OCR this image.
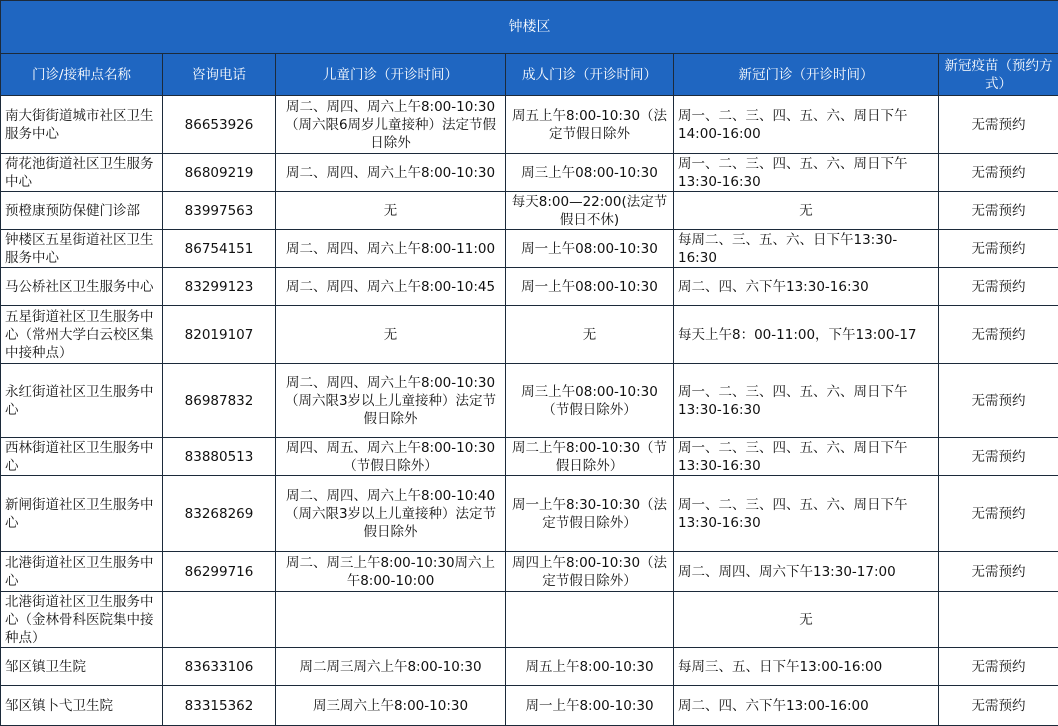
钟楼区					
门诊/接种点名称	咨询电话	儿童门诊（开诊时间）	成人门诊（开诊时间）	新冠门诊（开诊时间）	新冠疫苗（预约方式）
南大街街道城市社区卫生服务中心	86653926	周二、周四、周六上午8:00-10:30（周六限6周岁儿童接种）法定节假日除外	周五上午8:00-10:30（法定节假日除外	周一、二、三、四、五、六、周日下午14:00-16:00	无需预约
荷花池街道社区卫生服务中心	86809219	周二、周四、周六上午8:00-10:30	周三上午08:00-10:30	周一、二、三、四、五、六、周日下午13:30-16:30	无需预约
预橙康预防保健门诊部	83997563	无	每天8:00—22:00(法定节假日不休)	无	无需预约
钟楼区五星街道社区卫生服务中心	86754151	周二、周四、周六上午8:00-11:00	周一上午08:00-10:30	每周二、三、五、六、日下午13:30-16:30	无需预约
马公桥社区卫生服务中心	83299123	周二、周四、周六上午8:00-10:45	周一上午08:00-10:30	周二、四、六下午13:30-16:30	无需预约
五星街道社区卫生服务中心（常州大学白云校区集中接种点）	82019107	无	无	每天上午8：00-11:00，下午13:00-17	无需预约
永红街道社区卫生服务中心	86987832	周二、周四、周六上午8:00-10:30（周六限3岁以上儿童接种）法定节假日除外	周三上午08:00-10:30（节假日除外）	周一、二、三、四、五、六、周日下午13:30-16:30	无需预约
西林街道社区卫生服务中心	83880513	周四、周五、周六上午8:00-10:30（节假日除外）	周二上午8:00-10:30（节假日除外）	周一、二、三、四、五、六、周日下午13:30-16:30	无需预约
新闸街道社区卫生服务中心	83268269	周二、周四、周六上午8:00-10:40（周六限3岁以上儿童接种）法定节假日除外	周一上午8:30-10:30（法定节假日除外）	周一、二、三、四、五、六、周日下午13:30-16:30	无需预约
北港街道社区卫生服务中心	86299716	周二、周三上午8:00-10:30周六上午8:00-10:00	周四上午8:00-10:30（法定节假日除外）	周二、周四、周六下午13:30-17:00	无需预约
北港街道社区卫生服务中心（金林骨科医院集中接种点）				无	
邹区镇卫生院	83633106	周二周三周六上午8:00-10:30	周五上午8:00-10:30	每周三、五、日下午13:00-16:00	无需预约
邹区镇卜弋卫生院	83315362	周三周六上午8:00-10:30	周一上午8:00-10:30	周二、四、六下午13:00-16:00	无需预约
